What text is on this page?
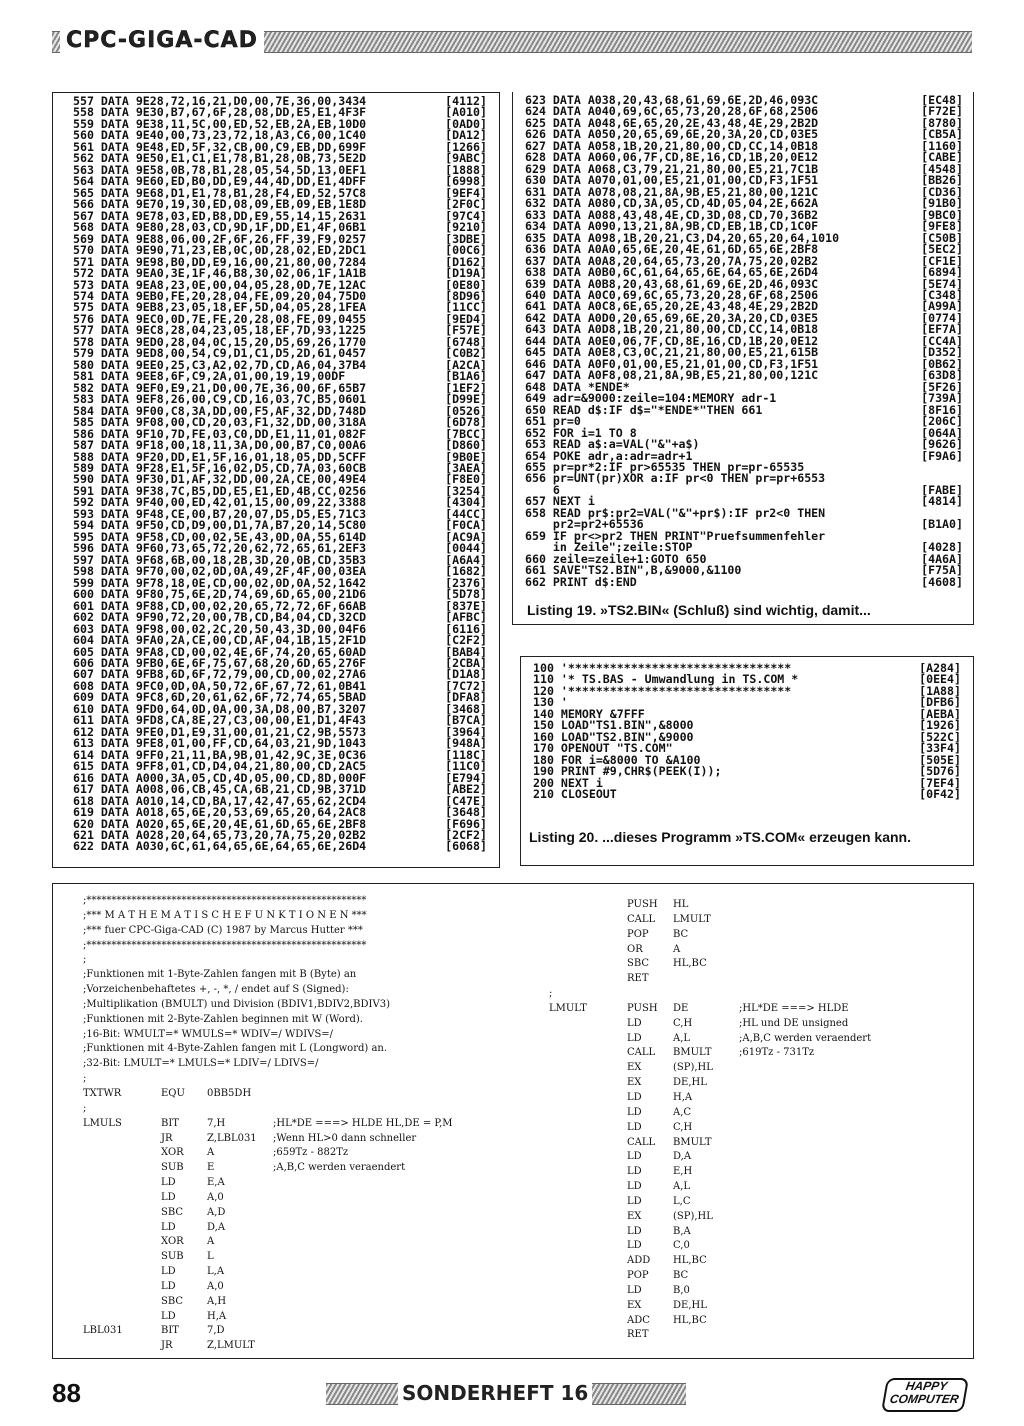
CPC-GIGA-CAD
557 DATA 9E28,72,16,21,D0,00,7E,36,00,3434	[4112]
558 DATA 9E30,B7,67,6F,28,08,DD,E5,E1,4F3F	[A010]
559 DATA 9E38,11,5C,00,ED,52,EB,2A,EB,10D0	[0AD0]
560 DATA 9E40,00,73,23,72,18,A3,C6,00,1C40	[DA12]
561 DATA 9E48,ED,5F,32,CB,00,C9,EB,DD,699F	[1266]
562 DATA 9E50,E1,C1,E1,78,B1,28,0B,73,5E2D	[9ABC]
563 DATA 9E58,0B,78,B1,28,05,54,5D,13,0EF1	[1888]
564 DATA 9E60,ED,B0,DD,E9,44,4D,DD,E1,4DFF	[6998]
565 DATA 9E68,D1,E1,78,B1,28,F4,ED,52,57C8	[9EF4]
566 DATA 9E70,19,30,ED,08,09,EB,09,EB,1E8D	[2F0C]
567 DATA 9E78,03,ED,B8,DD,E9,55,14,15,2631	[97C4]
568 DATA 9E80,28,03,CD,9D,1F,DD,E1,4F,06B1	[9210]
569 DATA 9E88,06,00,2F,6F,26,FF,39,F9,0257	[3DBE]
570 DATA 9E90,71,23,EB,0C,0D,28,02,ED,2DC1	[00C6]
571 DATA 9E98,B0,DD,E9,16,00,21,80,00,7284	[D162]
572 DATA 9EA0,3E,1F,46,B8,30,02,06,1F,1A1B	[D19A]
573 DATA 9EA8,23,0E,00,04,05,28,0D,7E,12AC	[0E80]
574 DATA 9EB0,FE,20,28,04,FE,09,20,04,75D0	[8D96]
575 DATA 9EB8,23,05,18,EF,5D,04,05,28,1FEA	[11CC]
576 DATA 9EC0,0D,7E,FE,20,28,08,FE,09,0455	[9ED4]
577 DATA 9EC8,28,04,23,05,18,EF,7D,93,1225	[F57E]
578 DATA 9ED0,28,04,0C,15,20,D5,69,26,1770	[6748]
579 DATA 9ED8,00,54,C9,D1,C1,D5,2D,61,0457	[C0B2]
580 DATA 9EE0,25,C3,A2,02,7D,CD,A6,04,37B4	[A2CA]
581 DATA 9EE8,6F,C9,2A,01,00,19,19,00DF	[B1A6]
582 DATA 9EF0,E9,21,D0,00,7E,36,00,6F,65B7	[1EF2]
583 DATA 9EF8,26,00,C9,CD,16,03,7C,B5,0601	[D99E]
584 DATA 9F00,C8,3A,DD,00,F5,AF,32,DD,748D	[0526]
585 DATA 9F08,00,CD,20,03,F1,32,DD,00,318A	[6D78]
586 DATA 9F10,7D,FE,03,C0,DD,E1,11,01,082F	[7BCC]
587 DATA 9F18,00,18,11,3A,D0,00,B7,C0,00A6	[D860]
588 DATA 9F20,DD,E1,5F,16,01,18,05,DD,5CFF	[9B0E]
589 DATA 9F28,E1,5F,16,02,D5,CD,7A,03,60CB	[3AEA]
590 DATA 9F30,D1,AF,32,DD,00,2A,CE,00,49E4	[F8E0]
591 DATA 9F38,7C,B5,DD,E5,E1,ED,4B,CC,0256	[3254]
592 DATA 9F40,00,ED,42,01,15,00,09,22,3388	[4304]
593 DATA 9F48,CE,00,B7,20,07,D5,D5,E5,71C3	[44CC]
594 DATA 9F50,CD,D9,00,D1,7A,B7,20,14,5C80	[F0CA]
595 DATA 9F58,CD,00,02,5E,43,0D,0A,55,614D	[AC9A]
596 DATA 9F60,73,65,72,20,62,72,65,61,2EF3	[0044]
597 DATA 9F68,6B,00,18,2B,3D,20,0B,CD,35B3	[A6A4]
598 DATA 9F70,00,02,0D,0A,49,2F,4F,00,03EA	[1682]
599 DATA 9F78,18,0E,CD,00,02,0D,0A,52,1642	[2376]
600 DATA 9F80,75,6E,2D,74,69,6D,65,00,21D6	[5D78]
601 DATA 9F88,CD,00,02,20,65,72,72,6F,66AB	[837E]
602 DATA 9F90,72,20,00,7B,CD,B4,04,CD,32CD	[AFBC]
603 DATA 9F98,00,02,2C,20,50,43,3D,00,04F6	[6116]
604 DATA 9FA0,2A,CE,00,CD,AF,04,1B,15,2F1D	[C2F2]
605 DATA 9FA8,CD,00,02,4E,6F,74,20,65,60AD	[BAB4]
606 DATA 9FB0,6E,6F,75,67,68,20,6D,65,276F	[2CBA]
607 DATA 9FB8,6D,6F,72,79,00,CD,00,02,27A6	[D1A8]
608 DATA 9FC0,0D,0A,50,72,6F,67,72,61,0B41	[7C72]
609 DATA 9FC8,6D,20,61,62,6F,72,74,65,5BAD	[DFA8]
610 DATA 9FD0,64,0D,0A,00,3A,D8,00,B7,3207	[3468]
611 DATA 9FD8,CA,8E,27,C3,00,00,E1,D1,4F43	[B7CA]
612 DATA 9FE0,D1,E9,31,00,01,21,C2,9B,5573	[3964]
613 DATA 9FE8,01,00,FF,CD,64,03,21,9D,1043	[948A]
614 DATA 9FF0,21,11,BA,9B,01,42,9C,3E,0C36	[118C]
615 DATA 9FF8,01,CD,D4,04,21,80,00,CD,2AC5	[11C0]
616 DATA A000,3A,05,CD,4D,05,00,CD,8D,000F	[E794]
617 DATA A008,06,CB,45,CA,6B,21,CD,9B,371D	[ABE2]
618 DATA A010,14,CD,BA,17,42,47,65,62,2CD4	[C47E]
619 DATA A018,65,6E,20,53,69,65,20,64,2AC8	[3648]
620 DATA A020,65,6E,20,4E,61,6D,65,6E,2BF8	[F696]
621 DATA A028,20,64,65,73,20,7A,75,20,02B2	[2CF2]
622 DATA A030,6C,61,64,65,6E,64,65,6E,26D4	[6068]
623 DATA A038,20,43,68,61,69,6E,2D,46,093C	[EC48]
624 DATA A040,69,6C,65,73,20,28,6F,68,2506	[F72E]
625 DATA A048,6E,65,20,2E,43,48,4E,29,2B2D	[8780]
626 DATA A050,20,65,69,6E,20,3A,20,CD,03E5	[CB5A]
627 DATA A058,1B,20,21,80,00,CD,CC,14,0B18	[1160]
628 DATA A060,06,7F,CD,8E,16,CD,1B,20,0E12	[CABE]
629 DATA A068,C3,79,21,21,80,00,E5,21,7C1B	[4548]
630 DATA A070,01,00,E5,21,01,00,CD,F3,1F51	[BB26]
631 DATA A078,08,21,8A,9B,E5,21,80,00,121C	[CD36]
632 DATA A080,CD,3A,05,CD,4D,05,04,2E,662A	[91B0]
633 DATA A088,43,48,4E,CD,3D,08,CD,70,36B2	[9BC0]
634 DATA A090,13,21,8A,9B,CD,EB,1B,CD,1C0F	[9FE8]
635 DATA A098,1B,20,21,C3,D4,20,65,20,64,1010	[C50B]
636 DATA A0A0,65,6E,20,4E,61,6D,65,6E,2BF8	[5EC2]
637 DATA A0A8,20,64,65,73,20,7A,75,20,02B2	[CF1E]
638 DATA A0B0,6C,61,64,65,6E,64,65,6E,26D4	[6894]
639 DATA A0B8,20,43,68,61,69,6E,2D,46,093C	[5E74]
640 DATA A0C0,69,6C,65,73,20,28,6F,68,2506	[C348]
641 DATA A0C8,6E,65,20,2E,43,48,4E,29,2B2D	[A99A]
642 DATA A0D0,20,65,69,6E,20,3A,20,CD,03E5	[0774]
643 DATA A0D8,1B,20,21,80,00,CD,CC,14,0B18	[EF7A]
644 DATA A0E0,06,7F,CD,8E,16,CD,1B,20,0E12	[CC4A]
645 DATA A0E8,C3,0C,21,21,80,00,E5,21,615B	[D352]
646 DATA A0F0,01,00,E5,21,01,00,CD,F3,1F51	[0B62]
647 DATA A0F8,08,21,8A,9B,E5,21,80,00,121C	[63D8]
648 DATA *ENDE*	[5F26]
649 adr=&9000:zeile=104:MEMORY adr-1	[739A]
650 READ d$:IF d$="*ENDE*"THEN 661	[8F16]
651 pr=0	[206C]
652 FOR i=1 TO 8	[064A]
653 READ a$:a=VAL("&"+a$)	[9626]
654 POKE adr,a:adr=adr+1	[F9A6]
655 pr=pr*2:IF pr>65535 THEN pr=pr-65535
656 pr=UNT(pr)XOR a:IF pr<0 THEN pr=pr+6553
6	[FABE]
657 NEXT i	[4814]
658 READ pr$:pr2=VAL("&"+pr$):IF pr2<0 THEN
pr2=pr2+65536	[B1A0]
659 IF pr<>pr2 THEN PRINT"Pruefsummenfehler
in Zeile";zeile:STOP	[4028]
660 zeile=zeile+1:GOTO 650	[4A6A]
661 SAVE"TS2.BIN",B,&9000,&1100	[F75A]
662 PRINT d$:END	[4608]
Listing 19. »TS2.BIN« (Schluß) sind wichtig, damit...
100 '********************************	[A284]
110 '* TS.BAS - Umwandlung in TS.COM *	[0EE4]
120 '********************************	[1A88]
130 '	[DFB6]
140 MEMORY &7FFF	[AEBA]
150 LOAD"TS1.BIN",&8000	[1926]
160 LOAD"TS2.BIN",&9000	[522C]
170 OPENOUT "TS.COM"	[33F4]
180 FOR i=&8000 TO &A100	[505E]
190 PRINT #9,CHR$(PEEK(I));	[5D76]
200 NEXT i	[7EF4]
210 CLOSEOUT	[0F42]
Listing 20. ...dieses Programm »TS.COM« erzeugen kann.
;********************************************************
;*** M A T H E M A T I S C H E F U N K T I O N E N ***
;*** fuer CPC-Giga-CAD (C) 1987 by Marcus Hutter ***
;********************************************************
;
;Funktionen mit 1-Byte-Zahlen fangen mit B (Byte) an
;Vorzeichenbehaftetes +, -, *, / endet auf S (Signed):
;Multiplikation (BMULT) und Division (BDIV1,BDIV2,BDIV3)
;Funktionen mit 2-Byte-Zahlen beginnen mit W (Word).
;16-Bit: WMULT=* WMULS=* WDIV=/ WDIVS=/
;Funktionen mit 4-Byte-Zahlen fangen mit L (Longword) an.
;32-Bit: LMULT=* LMULS=* LDIV=/ LDIVS=/
;
TXTWR	EQU 0BB5DH
;
LMULS	BIT	7,H	;HL*DE ===> HLDE HL,DE = P,M
JR	Z,LBL031 ;Wenn HL>0 dann schneller
XOR A	;659Tz - 882Tz
SUB E	;A,B,C werden veraendert
LD	E,A
LD	A,0
SBC A,D
LD	D,A
XOR A
SUB L
LD	L,A
LD	A,0
SBC A,H
LD	H,A
LBL031	BIT	7,D
JR	Z,LMULT
PUSH HL
CALL LMULT
POP BC
OR	A
SBC HL,BC
RET
;
LMULT	PUSH DE	;HL*DE ===> HLDE
LD	C,H	;HL und DE unsigned
LD	A,L	;A,B,C werden veraendert
CALL BMULT	;619Tz - 731Tz
EX	(SP),HL
EX	DE,HL
LD	H,A
LD	A,C
LD	C,H
CALL BMULT
LD	D,A
LD	E,H
LD	A,L
LD	L,C
EX	(SP),HL
LD	B,A
LD	C,0
ADD HL,BC
POP BC
LD	B,0
EX	DE,HL
ADC HL,BC
RET
88	SONDERHEFT 16	HAPPY
COMPUTER
